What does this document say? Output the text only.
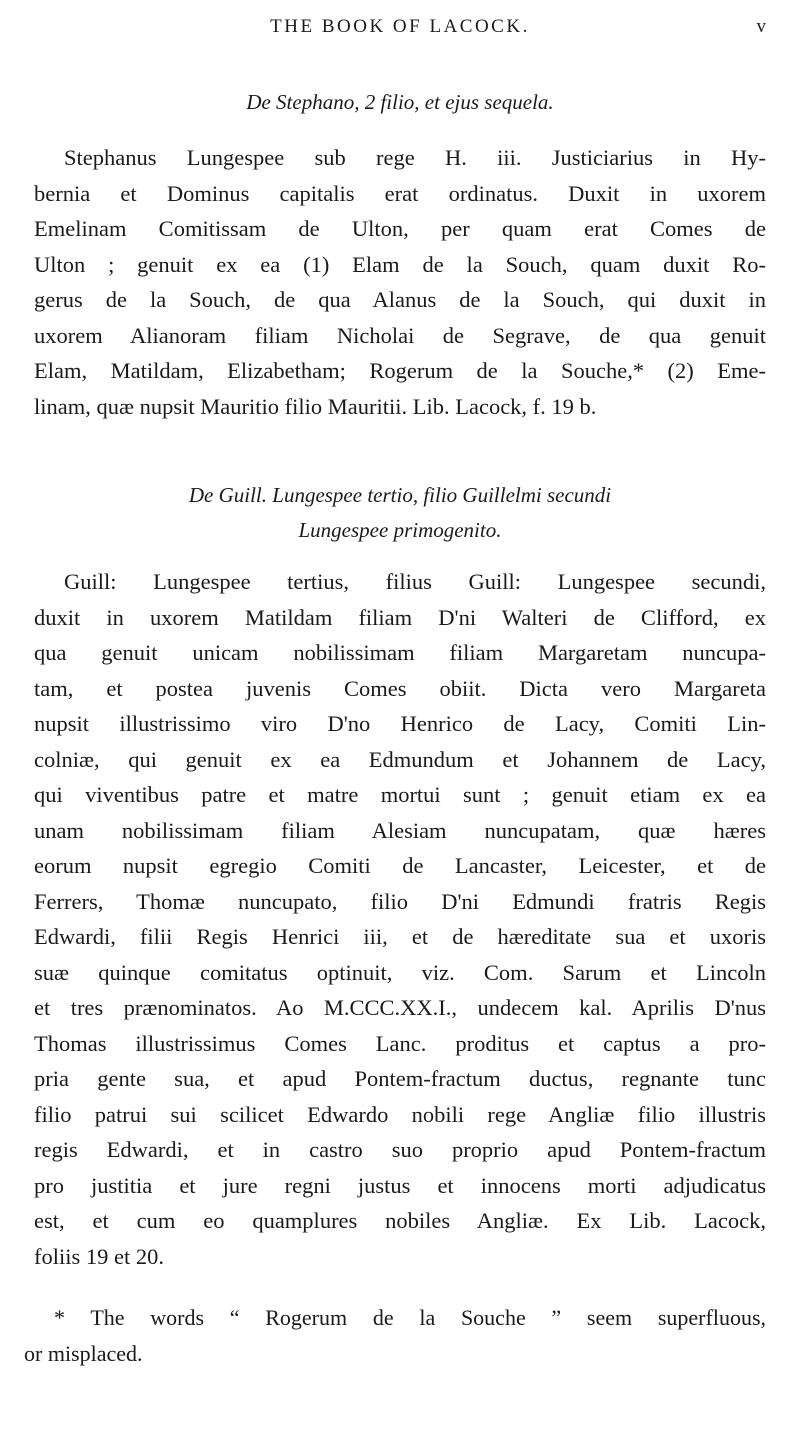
THE BOOK OF LACOCK.	v
De Stephano, 2 filio, et ejus sequela.
Stephanus Lungespee sub rege H. iii. Justiciarius in Hy-
bernia et Dominus capitalis erat ordinatus. Duxit in uxorem
Emelinam Comitissam de Ulton, per quam erat Comes de
Ulton ; genuit ex ea (1) Elam de la Souch, quam duxit Ro-
gerus de la Souch, de qua Alanus de la Souch, qui duxit in
uxorem Alianoram filiam Nicholai de Segrave, de qua genuit
Elam, Matildam, Elizabetham; Rogerum de la Souche,* (2) Eme-
linam, quæ nupsit Mauritio filio Mauritii. Lib. Lacock, f. 19 b.
De Guill. Lungespee tertio, filio Guillelmi secundi
Lungespee primogenito.
Guill: Lungespee tertius, filius Guill: Lungespee secundi,
duxit in uxorem Matildam filiam D'ni Walteri de Clifford, ex
qua genuit unicam nobilissimam filiam Margaretam nuncupa-
tam, et postea juvenis Comes obiit. Dicta vero Margareta
nupsit illustrissimo viro D'no Henrico de Lacy, Comiti Lin-
colniæ, qui genuit ex ea Edmundum et Johannem de Lacy,
qui viventibus patre et matre mortui sunt ; genuit etiam ex ea
unam nobilissimam filiam Alesiam nuncupatam, quæ hæres
eorum nupsit egregio Comiti de Lancaster, Leicester, et de
Ferrers, Thomæ nuncupato, filio D'ni Edmundi fratris Regis
Edwardi, filii Regis Henrici iii, et de hæreditate sua et uxoris
suæ quinque comitatus optinuit, viz. Com. Sarum et Lincoln
et tres prænominatos. Aο M.CCC.XX.I., undecem kal. Aprilis D'nus
Thomas illustrissimus Comes Lanc. proditus et captus a pro-
pria gente sua, et apud Pontem-fractum ductus, regnante tunc
filio patrui sui scilicet Edwardo nobili rege Angliæ filio illustris
regis Edwardi, et in castro suo proprio apud Pontem-fractum
pro justitia et jure regni justus et innocens morti adjudicatus
est, et cum eo quamplures nobiles Angliæ. Ex Lib. Lacock,
foliis 19 et 20.
* The words “ Rogerum de la Souche ” seem superfluous,
or misplaced.
